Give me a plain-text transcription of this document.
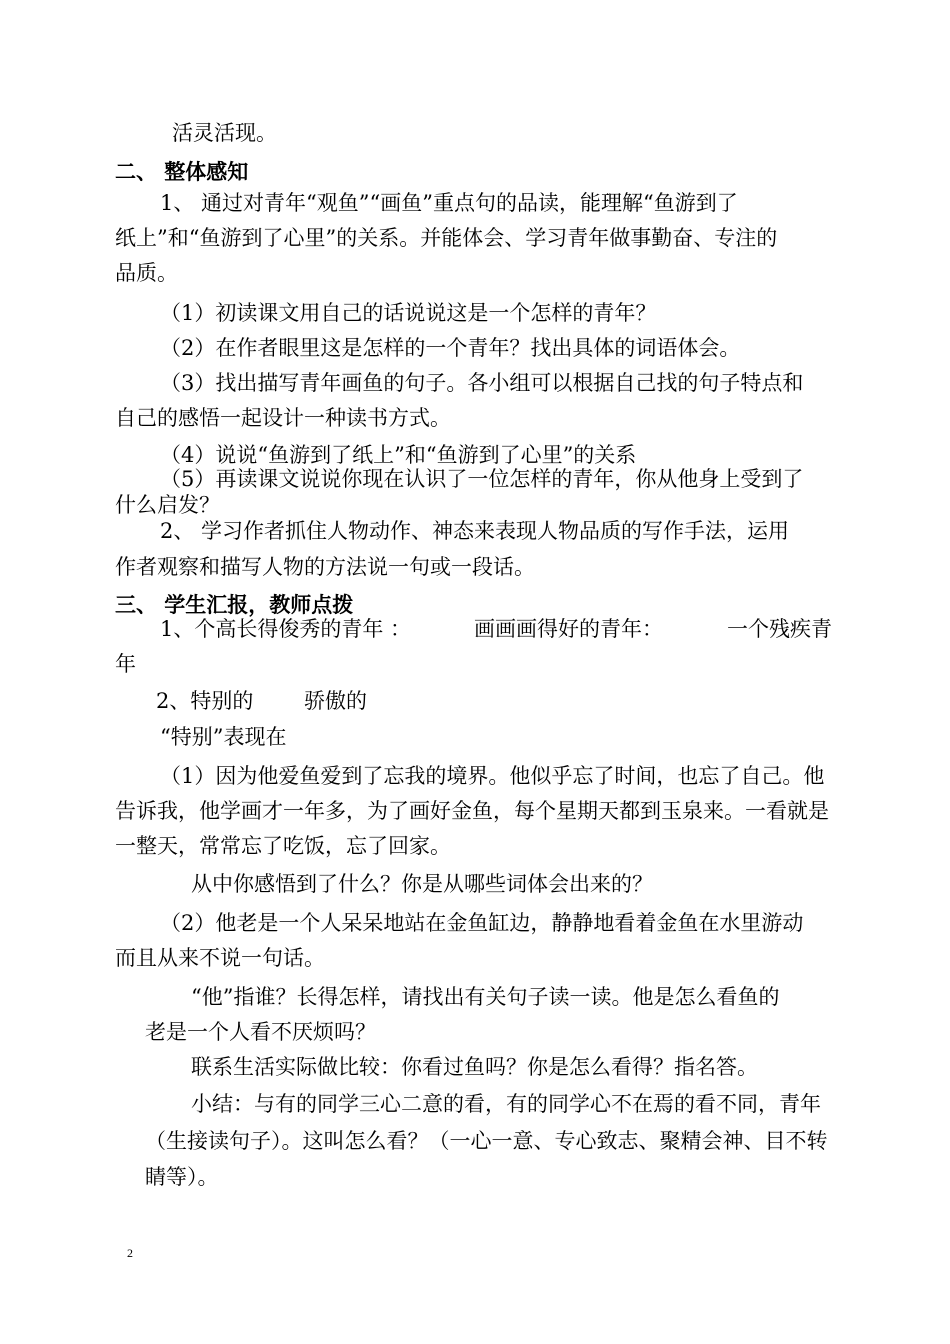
活灵活现。
二、 整体感知
1、 通过对青年“观鱼”“画鱼”重点句的品读，能理解“鱼游到了
纸上”和“鱼游到了心里”的关系。并能体会、学习青年做事勤奋、专注的
品质。
（1）初读课文用自己的话说说这是一个怎样的青年？
（2）在作者眼里这是怎样的一个青年？找出具体的词语体会。
（3）找出描写青年画鱼的句子。各小组可以根据自己找的句子特点和
自己的感悟一起设计一种读书方式。
（4）说说“鱼游到了纸上”和“鱼游到了心里”的关系
（5）再读课文说说你现在认识了一位怎样的青年，你从他身上受到了
什么启发？
2、 学习作者抓住人物动作、神态来表现人物品质的写作手法，运用
作者观察和描写人物的方法说一句或一段话。
三、 学生汇报，教师点拨
1、个高长得俊秀的青年 ：	画画画得好的青年：	一个残疾青
年
2、特别的 骄傲的
“特别”表现在
（1）因为他爱鱼爱到了忘我的境界。他似乎忘了时间，也忘了自己。他
告诉我，他学画才一年多，为了画好金鱼，每个星期天都到玉泉来。一看就是
一整天，常常忘了吃饭，忘了回家。
从中你感悟到了什么？你是从哪些词体会出来的？
（2）他老是一个人呆呆地站在金鱼缸边，静静地看着金鱼在水里游动
而且从来不说一句话。
“他”指谁？长得怎样，请找出有关句子读一读。他是怎么看鱼的
老是一个人看不厌烦吗？
联系生活实际做比较：你看过鱼吗？你是怎么看得？指名答。
小结：与有的同学三心二意的看，有的同学心不在焉的看不同，青年
（生接读句子）。这叫怎么看？（一心一意、专心致志、聚精会神、目不转
睛等）。
2
